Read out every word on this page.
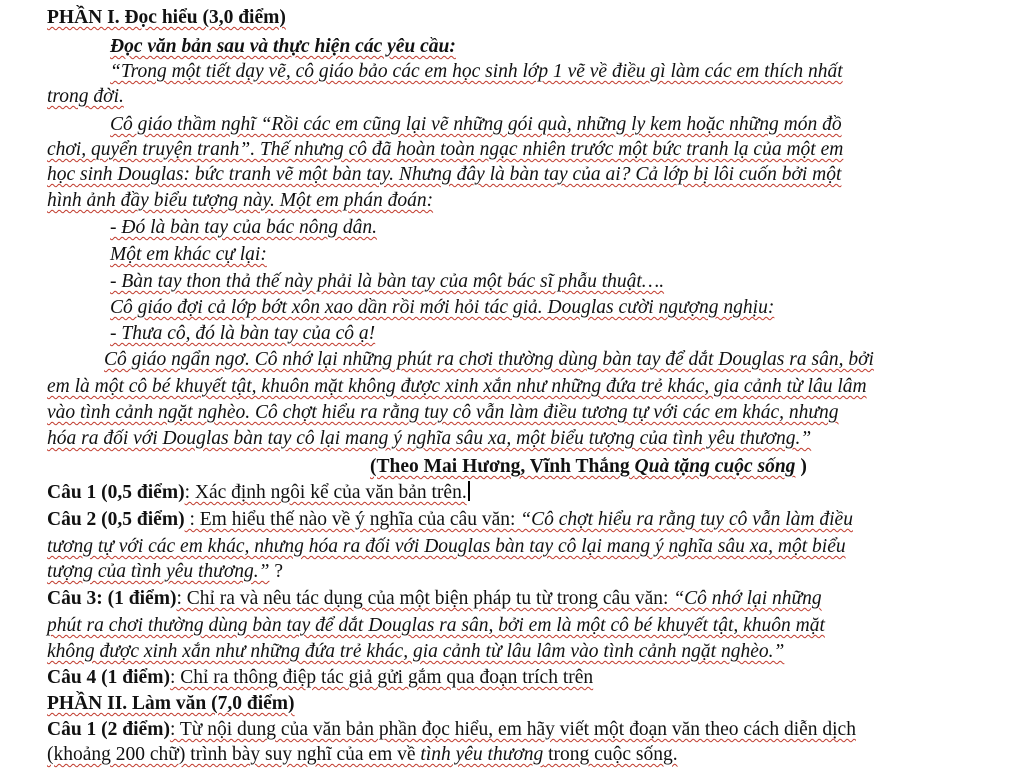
PHẦN I. Đọc hiểu (3,0 điểm)
Đọc văn bản sau và thực hiện các yêu cầu:
“Trong một tiết dạy vẽ, cô giáo bảo các em học sinh lớp 1 vẽ về điều gì làm các em thích nhất
trong đời.
Cô giáo thầm nghĩ “Rồi các em cũng lại vẽ những gói quà, những ly kem hoặc những món đồ
chơi, quyển truyện tranh”. Thế nhưng cô đã hoàn toàn ngạc nhiên trước một bức tranh lạ của một em
học sinh Douglas: bức tranh vẽ một bàn tay. Nhưng đây là bàn tay của ai? Cả lớp bị lôi cuốn bởi một
hình ảnh đầy biểu tượng này. Một em phán đoán:
- Đó là bàn tay của bác nông dân.
Một em khác cự lại:
- Bàn tay thon thả thế này phải là bàn tay của một bác sĩ phẫu thuật….
Cô giáo đợi cả lớp bớt xôn xao dần rồi mới hỏi tác giả. Douglas cười ngượng nghịu:
- Thưa cô, đó là bàn tay của cô ạ!
Cô giáo ngẩn ngơ. Cô nhớ lại những phút ra chơi thường dùng bàn tay để dắt Douglas ra sân, bởi
em là một cô bé khuyết tật, khuôn mặt không được xinh xắn như những đứa trẻ khác, gia cảnh từ lâu lâm
vào tình cảnh ngặt nghèo. Cô chợt hiểu ra rằng tuy cô vẫn làm điều tương tự với các em khác, nhưng
hóa ra đối với Douglas bàn tay cô lại mang ý nghĩa sâu xa, một biểu tượng của tình yêu thương.”
(Theo Mai Hương, Vĩnh Thắng Quà tặng cuộc sống )
Câu 1 (0,5 điểm): Xác định ngôi kể của văn bản trên.
Câu 2 (0,5 điểm) : Em hiểu thế nào về ý nghĩa của câu văn: “Cô chợt hiểu ra rằng tuy cô vẫn làm điều
tương tự với các em khác, nhưng hóa ra đối với Douglas bàn tay cô lại mang ý nghĩa sâu xa, một biểu
tượng của tình yêu thương.” ?
Câu 3: (1 điểm): Chỉ ra và nêu tác dụng của một biện pháp tu từ trong câu văn: “Cô nhớ lại những
phút ra chơi thường dùng bàn tay để dắt Douglas ra sân, bởi em là một cô bé khuyết tật, khuôn mặt
không được xinh xắn như những đứa trẻ khác, gia cảnh từ lâu lâm vào tình cảnh ngặt nghèo.”
Câu 4 (1 điểm): Chỉ ra thông điệp tác giả gửi gắm qua đoạn trích trên
PHẦN II. Làm văn (7,0 điểm)
Câu 1 (2 điểm): Từ nội dung của văn bản phần đọc hiểu, em hãy viết một đoạn văn theo cách diễn dịch
(khoảng 200 chữ) trình bày suy nghĩ của em về tình yêu thương trong cuộc sống.
